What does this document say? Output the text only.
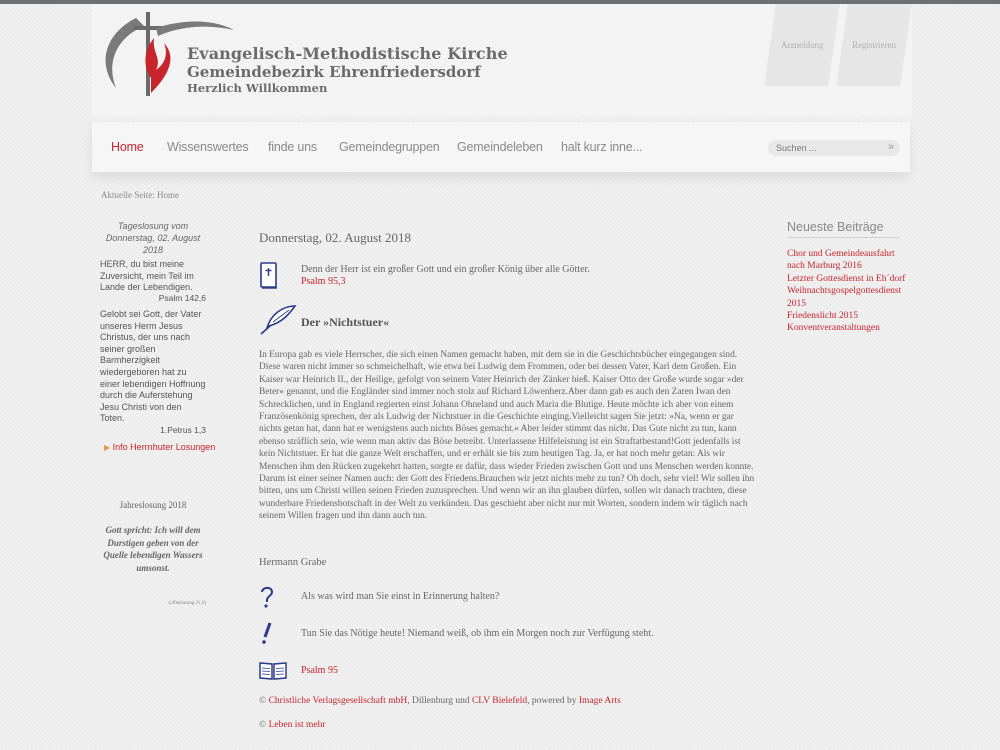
Evangelisch-Methodistische Kirche
Gemeindebezirk Ehrenfriedersdorf
Herzlich Willkommen
Anmeldung	Registrieren
Home Wissenswertes finde uns Gemeindegruppen Gemeindeleben halt kurz inne...	Suchen ...	»
Aktuelle Seite: Home
Tageslosung vom Donnerstag, 02. August 2018
HERR, du bist meine Zuversicht, mein Teil im Lande der Lebendigen.
Psalm 142,6
Gelobt sei Gott, der Vater unseres Herm Jesus Christus, der uns nach seiner großen Barmherzigkeit wiedergeboren hat zu einer lebendigen Hoffnung durch die Auferstehung Jesu Christi von den Toten.
1.Petrus 1,3
▶ Info Herrnhuter Losungen
Jahreslosung 2018
Gott spricht: Ich will dem Durstigen geben von der Quelle lebendigen Wassers umsonst.
(offenbarung 21,6)
Donnerstag, 02. August 2018
Denn der Herr ist ein großer Gott und ein großer König über alle Götter.
Psalm 95,3
Der »Nichtstuer«
In Europa gab es viele Herrscher, die sich einen Namen gemacht haben, mit dem sie in die Geschichtsbücher eingegangen sind. Diese waren nicht immer so schmeichelhaft, wie etwa bei Ludwig dem Frommen, oder bei dessen Vater, Karl dem Großen. Ein Kaiser war Heinrich II., der Heilige, gefolgt von seinem Vater Heinrich der Zänker hieß. Kaiser Otto der Große wurde sogar »der Beter« genannt, und die Engländer sind immer noch stolz auf Richard Löwenherz.Aber dann gab es auch den Zaren Iwan den Schrecklichen, und in England regierten einst Johann Ohneland und auch Maria die Blutige. Heute möchte ich aber von einem Französenkönig sprechen, der als Ludwig der Nichtstuer in die Geschichte einging.Vielleicht sagen Sie jetzt: »Na, wenn er gar nichts getan hat, dann hat er wenigstens auch nichts Böses gemacht.« Aber leider stimmt das nicht. Das Gute nicht zu tun, kann ebenso sträflich sein, wie wenn man aktiv das Böse betreibt. Unterlassene Hilfeleistung ist ein Straftatbestand!Gott jedenfalls ist kein Nichtstuer. Er hat die ganze Welt erschaffen, und er erhält sie bis zum heutigen Tag. Ja, er hat noch mehr getan: Als wir Menschen ihm den Rücken zugekehrt hatten, sorgte er dafür, dass wieder Frieden zwischen Gott und uns Menschen werden konnte. Darum ist einer seiner Namen auch: der Gott des Friedens.Brauchen wir jetzt nichts mehr zu tun? Oh doch, sehr viel! Wir sollen ihn bitten, uns um Christi willen seinen Frieden zuzusprechen. Und wenn wir an ihn glauben dürfen, sollen wir danach trachten, diese wunderbare Friedensbotschaft in der Welt zu verkünden. Das geschieht aber nicht nur mit Worten, sondern indem wir täglich nach seinem Willen fragen und ihn dann auch tun.
Hermann Grabe
Als was wird man Sie einst in Erinnerung halten?
Tun Sie das Nötige heute! Niemand weiß, ob ihm ein Morgen noch zur Verfügung steht.
Psalm 95
© Christliche Verlagsgesellschaft mbH, Dillenburg und CLV Bielefeld, powered by Image Arts
© Leben ist mehr
Neueste Beiträge
Chor und Gemeindeausfahrt nach Marburg 2016
Letzter Gottesdienst in Eh´dorf
Weihnachtsgospelgottesdienst 2015
Friedenslicht 2015
Konventveranstaltungen
